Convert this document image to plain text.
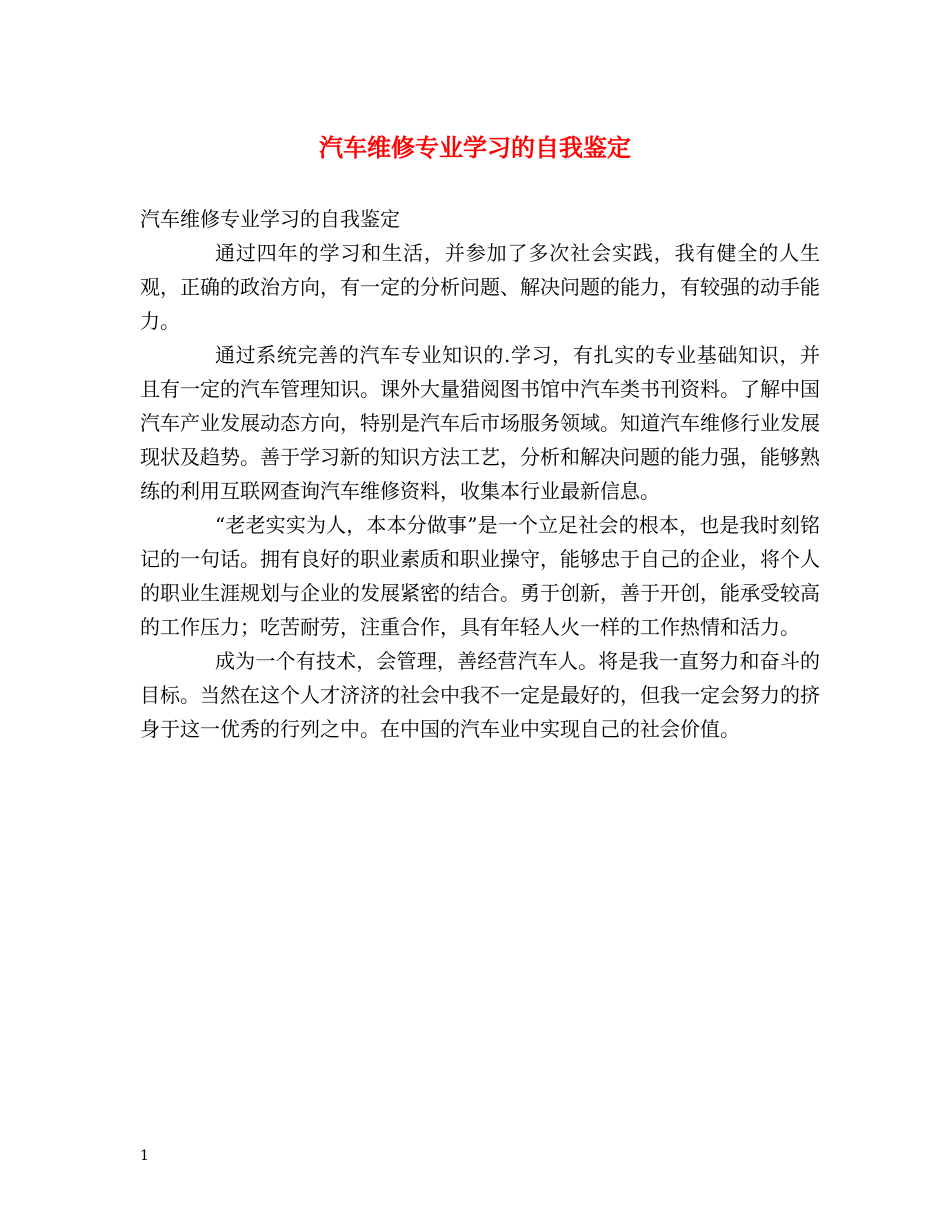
汽车维修专业学习的自我鉴定

汽车维修专业学习的自我鉴定

通过四年的学习和生活，并参加了多次社会实践，我有健全的人生观，正确的政治方向，有一定的分析问题、解决问题的能力，有较强的动手能力。

通过系统完善的汽车专业知识的.学习，有扎实的专业基础知识，并且有一定的汽车管理知识。课外大量猎阅图书馆中汽车类书刊资料。了解中国汽车产业发展动态方向，特别是汽车后市场服务领域。知道汽车维修行业发展现状及趋势。善于学习新的知识方法工艺，分析和解决问题的能力强，能够熟练的利用互联网查询汽车维修资料，收集本行业最新信息。

“老老实实为人，本本分做事”是一个立足社会的根本，也是我时刻铭记的一句话。拥有良好的职业素质和职业操守，能够忠于自己的企业，将个人的职业生涯规划与企业的发展紧密的结合。勇于创新，善于开创，能承受较高的工作压力；吃苦耐劳，注重合作，具有年轻人火一样的工作热情和活力。

成为一个有技术，会管理，善经营汽车人。将是我一直努力和奋斗的目标。当然在这个人才济济的社会中我不一定是最好的，但我一定会努力的挤身于这一优秀的行列之中。在中国的汽车业中实现自己的社会价值。

1
